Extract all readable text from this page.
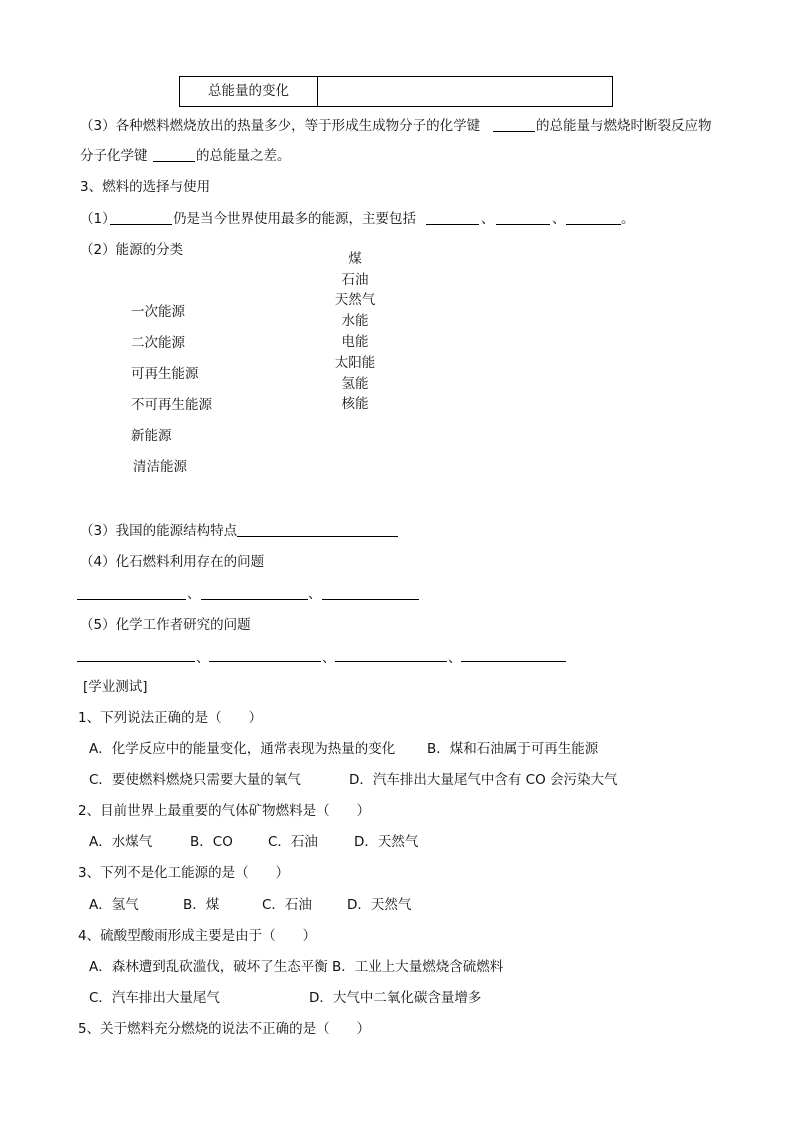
总能量的变化
（3）各种燃料燃烧放出的热量多少，等于形成生成物分子的化学键	的总能量与燃烧时断裂反应物
分子化学键	的总能量之差。
3、燃料的选择与使用
（1）	仍是当今世界使用最多的能源，主要包括	、	、	。
（2）能源的分类
一次能源
二次能源
可再生能源
不可再生能源
新能源
清洁能源
煤
石油
天然气
水能
电能
太阳能
氢能
核能
（3）我国的能源结构特点
（4）化石燃料利用存在的问题
、	、
（5）化学工作者研究的问题
、	、	、
[学业测试]
1、下列说法正确的是（　　）
A．化学反应中的能量变化，通常表现为热量的变化 B．煤和石油属于可再生能源
C．要使燃料燃烧只需要大量的氧气	D．汽车排出大量尾气中含有 CO 会污染大气
2、目前世界上最重要的气体矿物燃料是（　　）
A．水煤气	B．CO	C．石油	D．天然气
3、下列不是化工能源的是（　　）
A．氢气	B．煤	C．石油	D．天然气
4、硫酸型酸雨形成主要是由于（　　）
A．森林遭到乱砍滥伐，破坏了生态平衡 B．工业上大量燃烧含硫燃料
C．汽车排出大量尾气	D．大气中二氧化碳含量增多
5、关于燃料充分燃烧的说法不正确的是（　　）
